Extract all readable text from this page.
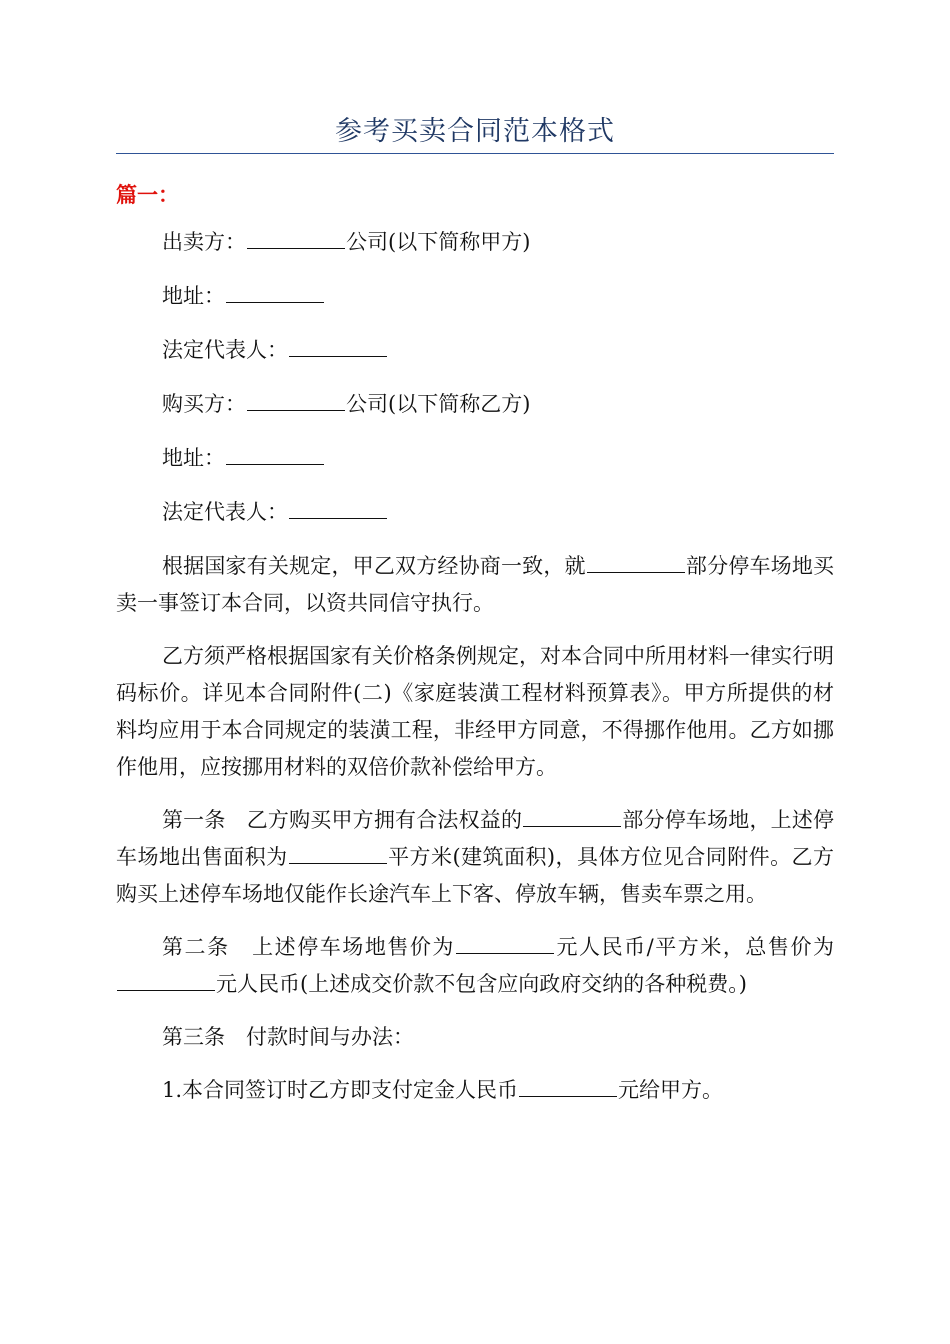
参考买卖合同范本格式
篇一：

出卖方：	公司(以下简称甲方)

地址：

法定代表人：

购买方：	公司(以下简称乙方)

地址：

法定代表人：

根据国家有关规定，甲乙双方经协商一致，就	部分停车场地买卖一事签订本合同，以资共同信守执行。

乙方须严格根据国家有关价格条例规定，对本合同中所用材料一律实行明码标价。详见本合同附件(二)《家庭装潢工程材料预算表》。甲方所提供的材料均应用于本合同规定的装潢工程，非经甲方同意，不得挪作他用。乙方如挪作他用，应按挪用材料的双倍价款补偿给甲方。

第一条　乙方购买甲方拥有合法权益的	部分停车场地，上述停车场地出售面积为	平方米(建筑面积)，具体方位见合同附件。乙方购买上述停车场地仅能作长途汽车上下客、停放车辆，售卖车票之用。

第二条　上述停车场地售价为	元人民币/平方米，总售价为元人民币(上述成交价款不包含应向政府交纳的各种税费。)

第三条　付款时间与办法：

1.本合同签订时乙方即支付定金人民币	元给甲方。
